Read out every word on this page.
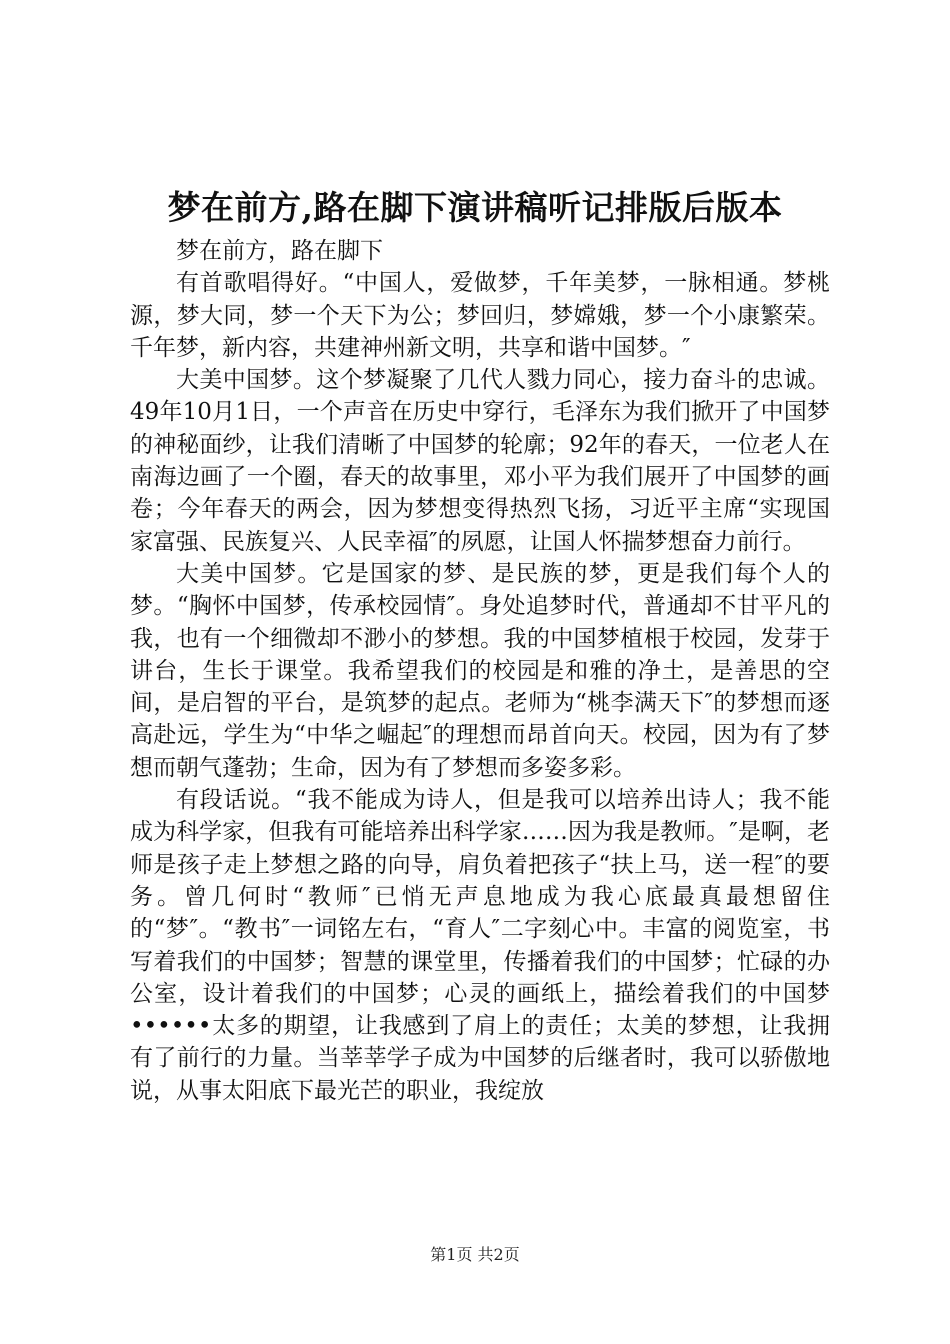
梦在前方,路在脚下演讲稿听记排版后版本

梦在前方，路在脚下

有首歌唱得好。“中国人，爱做梦，千年美梦，一脉相通。梦桃源，梦大同，梦一个天下为公；梦回归，梦嫦娥，梦一个小康繁荣。千年梦，新内容，共建神州新文明，共享和谐中国梦。″

大美中国梦。这个梦凝聚了几代人戮力同心，接力奋斗的忠诚。49年10月1日，一个声音在历史中穿行，毛泽东为我们掀开了中国梦的神秘面纱，让我们清晰了中国梦的轮廓；92年的春天，一位老人在南海边画了一个圈，春天的故事里，邓小平为我们展开了中国梦的画卷；今年春天的两会，因为梦想变得热烈飞扬，习近平主席“实现国家富强、民族复兴、人民幸福″的夙愿，让国人怀揣梦想奋力前行。

大美中国梦。它是国家的梦、是民族的梦，更是我们每个人的梦。“胸怀中国梦，传承校园情″。身处追梦时代，普通却不甘平凡的我，也有一个细微却不渺小的梦想。我的中国梦植根于校园，发芽于讲台，生长于课堂。我希望我们的校园是和雅的净土，是善思的空间，是启智的平台，是筑梦的起点。老师为“桃李满天下″的梦想而逐高赴远，学生为“中华之崛起″的理想而昂首向天。校园，因为有了梦想而朝气蓬勃；生命，因为有了梦想而多姿多彩。

有段话说。“我不能成为诗人，但是我可以培养出诗人；我不能成为科学家，但我有可能培养出科学家……因为我是教师。″是啊，老师是孩子走上梦想之路的向导，肩负着把孩子“扶上马，送一程″的要务。曾几何时“教师″已悄无声息地成为我心底最真最想留住的“梦″。“教书″一词铭左右，“育人″二字刻心中。丰富的阅览室，书写着我们的中国梦；智慧的课堂里，传播着我们的中国梦；忙碌的办公室，设计着我们的中国梦；心灵的画纸上，描绘着我们的中国梦••••••太多的期望，让我感到了肩上的责任；太美的梦想，让我拥有了前行的力量。当莘莘学子成为中国梦的后继者时，我可以骄傲地说，从事太阳底下最光芒的职业，我绽放

第1页 共2页
